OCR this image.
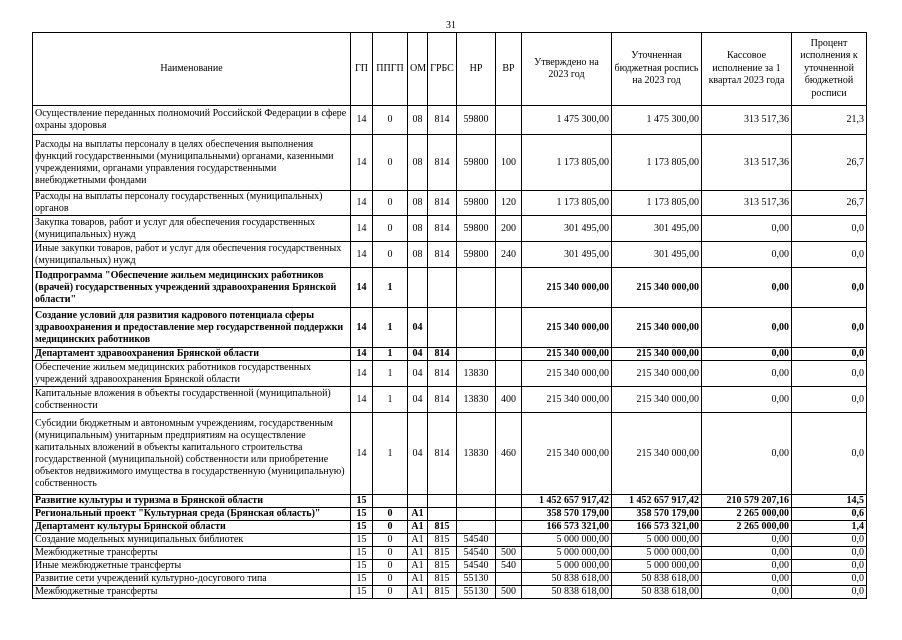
31
Наименование	ГП	ППГП	ОМ	ГРБС	НР	ВР	Утверждено на 2023 год	Уточненная бюджетная роспись на 2023 год	Кассовое исполнение за 1 квартал 2023 года	Процент исполнения к уточненной бюджетной росписи
Осуществление переданных полномочий Российской Федерации в сфере охраны здоровья	14	0	08	814	59800		1 475 300,00	1 475 300,00	313 517,36	21,3
Расходы на выплаты персоналу в целях обеспечения выполнения функций государственными (муниципальными) органами, казенными учреждениями, органами управления государственными внебюджетными фондами	14	0	08	814	59800	100	1 173 805,00	1 173 805,00	313 517,36	26,7
Расходы на выплаты персоналу государственных (муниципальных) органов	14	0	08	814	59800	120	1 173 805,00	1 173 805,00	313 517,36	26,7
Закупка товаров, работ и услуг для обеспечения государственных (муниципальных) нужд	14	0	08	814	59800	200	301 495,00	301 495,00	0,00	0,0
Иные закупки товаров, работ и услуг для обеспечения государственных (муниципальных) нужд	14	0	08	814	59800	240	301 495,00	301 495,00	0,00	0,0
Подпрограмма "Обеспечение жильем медицинских работников (врачей) государственных учреждений здравоохранения Брянской области"	14	1					215 340 000,00	215 340 000,00	0,00	0,0
Создание условий для развития кадрового потенциала сферы здравоохранения и предоставление мер государственной поддержки медицинских работников	14	1	04				215 340 000,00	215 340 000,00	0,00	0,0
Департамент здравоохранения Брянской области	14	1	04	814			215 340 000,00	215 340 000,00	0,00	0,0
Обеспечение жильем медицинских работников государственных учреждений здравоохранения Брянской области	14	1	04	814	13830		215 340 000,00	215 340 000,00	0,00	0,0
Капитальные вложения в объекты государственной (муниципальной) собственности	14	1	04	814	13830	400	215 340 000,00	215 340 000,00	0,00	0,0
Субсидии бюджетным и автономным учреждениям, государственным (муниципальным) унитарным предприятиям на осуществление капитальных вложений в объекты капитального строительства государственной (муниципальной) собственности или приобретение объектов недвижимого имущества в государственную (муниципальную) собственность	14	1	04	814	13830	460	215 340 000,00	215 340 000,00	0,00	0,0
Развитие культуры и туризма в Брянской области	15						1 452 657 917,42	1 452 657 917,42	210 579 207,16	14,5
Региональный проект "Культурная среда (Брянская область)"	15	0	A1				358 570 179,00	358 570 179,00	2 265 000,00	0,6
Департамент культуры Брянской области	15	0	A1	815			166 573 321,00	166 573 321,00	2 265 000,00	1,4
Создание модельных муниципальных библиотек	15	0	A1	815	54540		5 000 000,00	5 000 000,00	0,00	0,0
Межбюджетные трансферты	15	0	A1	815	54540	500	5 000 000,00	5 000 000,00	0,00	0,0
Иные межбюджетные трансферты	15	0	A1	815	54540	540	5 000 000,00	5 000 000,00	0,00	0,0
Развитие сети учреждений культурно-досугового типа	15	0	A1	815	55130		50 838 618,00	50 838 618,00	0,00	0,0
Межбюджетные трансферты	15	0	A1	815	55130	500	50 838 618,00	50 838 618,00	0,00	0,0
